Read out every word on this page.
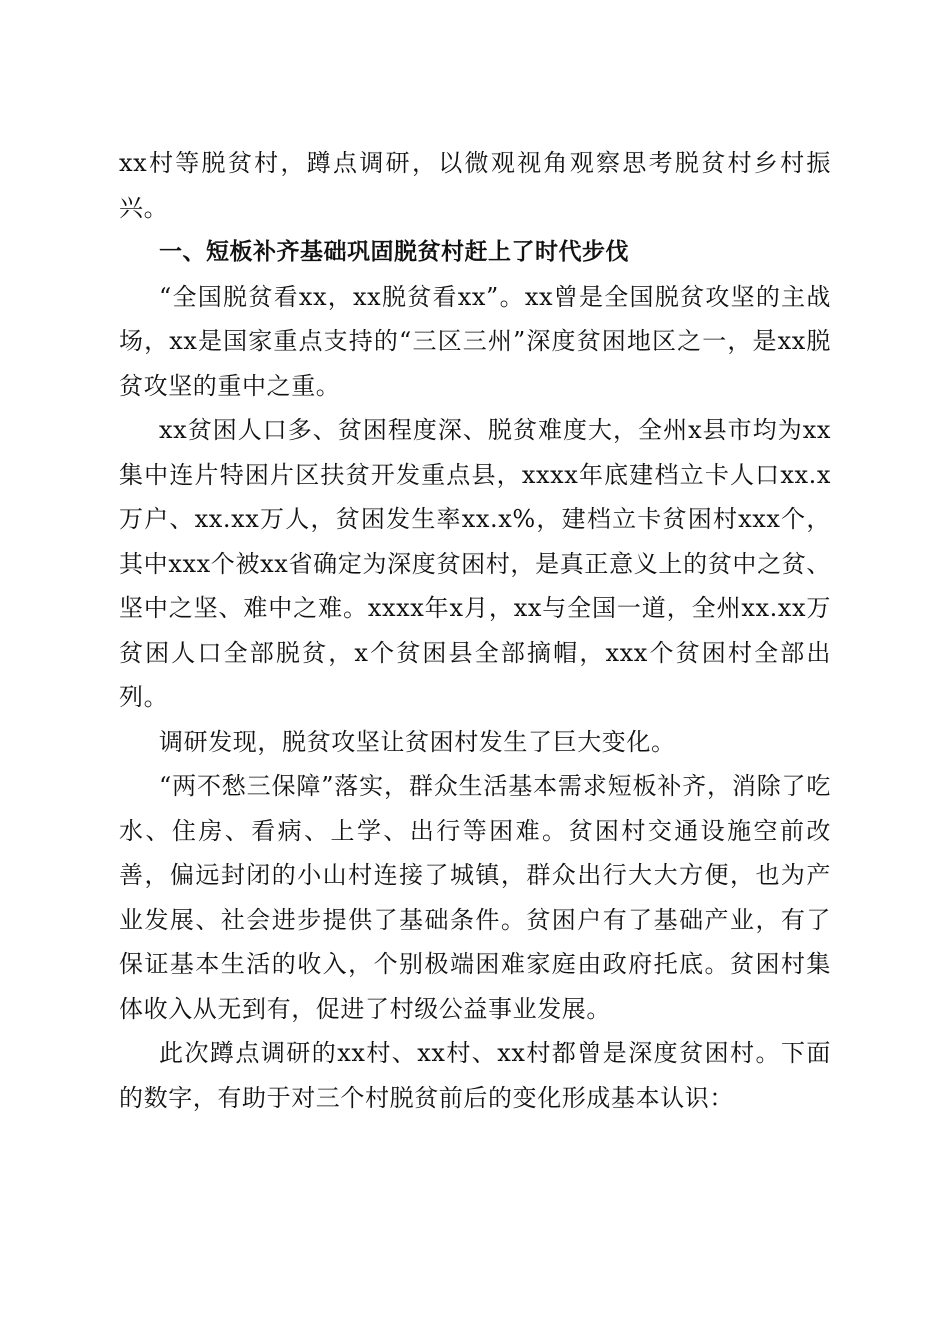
xx村等脱贫村，蹲点调研，以微观视角观察思考脱贫村乡村振兴。

一、短板补齐基础巩固脱贫村赶上了时代步伐

“全国脱贫看xx，xx脱贫看xx”。xx曾是全国脱贫攻坚的主战场，xx是国家重点支持的“三区三州”深度贫困地区之一，是xx脱贫攻坚的重中之重。

xx贫困人口多、贫困程度深、脱贫难度大，全州x县市均为xx集中连片特困片区扶贫开发重点县，xxxx年底建档立卡人口xx.x万户、xx.xx万人，贫困发生率xx.x%，建档立卡贫困村xxx个，其中xxx个被xx省确定为深度贫困村，是真正意义上的贫中之贫、坚中之坚、难中之难。xxxx年x月，xx与全国一道，全州xx.xx万贫困人口全部脱贫，x个贫困县全部摘帽，xxx个贫困村全部出列。

调研发现，脱贫攻坚让贫困村发生了巨大变化。

“两不愁三保障”落实，群众生活基本需求短板补齐，消除了吃水、住房、看病、上学、出行等困难。贫困村交通设施空前改善，偏远封闭的小山村连接了城镇，群众出行大大方便，也为产业发展、社会进步提供了基础条件。贫困户有了基础产业，有了保证基本生活的收入，个别极端困难家庭由政府托底。贫困村集体收入从无到有，促进了村级公益事业发展。

此次蹲点调研的xx村、xx村、xx村都曾是深度贫困村。下面的数字，有助于对三个村脱贫前后的变化形成基本认识：
